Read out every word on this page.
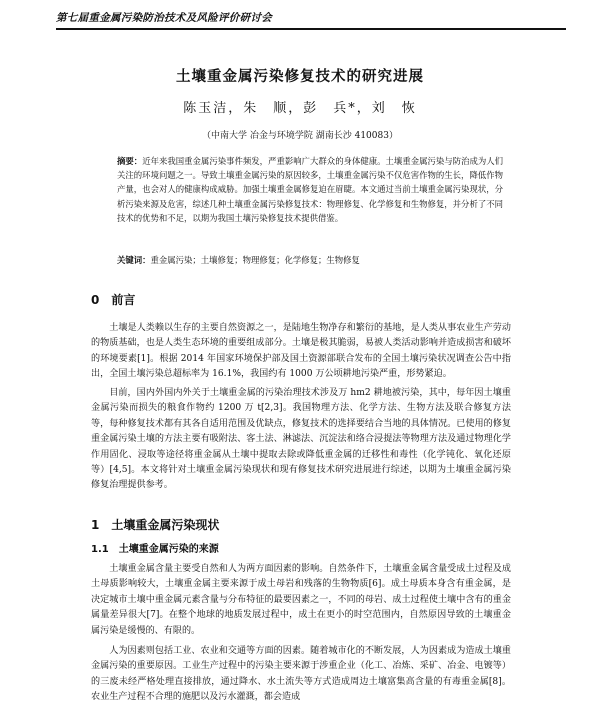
第七届重金属污染防治技术及风险评价研讨会
土壤重金属污染修复技术的研究进展
陈玉洁，朱　顺，彭　兵*，刘　恢
（中南大学 冶金与环境学院 湖南长沙 410083）
摘要：近年来我国重金属污染事件频发，严重影响广大群众的身体健康。土壤重金属污染与防治成为人们关注的环境问题之一。导致土壤重金属污染的原因较多，土壤重金属污染不仅危害作物的生长，降低作物产量，也会对人的健康构成威胁。加强土壤重金属修复迫在眉睫。本文通过当前土壤重金属污染现状，分析污染来源及危害，综述几种土壤重金属污染修复技术：物理修复、化学修复和生物修复，并分析了不同技术的优势和不足，以期为我国土壤污染修复技术提供借鉴。
关键词：重金属污染；土壤修复；物理修复；化学修复；生物修复
0　前言
土壤是人类赖以生存的主要自然资源之一，是陆地生物净存和繁衍的基地，是人类从事农业生产劳动的物质基础，也是人类生态环境的重要组成部分。土壤是极其脆弱，易被人类活动影响并造成损害和破坏的环境要素[1]。根据 2014 年国家环境保护部及国土资源部联合发布的全国土壤污染状况调查公告中指出，全国土壤污染总超标率为 16.1%，我国约有 1000 万公顷耕地污染严重，形势紧迫。
目前，国内外国内外关于土壤重金属的污染治理技术涉及万 hm2 耕地被污染，其中，每年因土壤重金属污染而损失的粮食作物约 1200 万 t[2,3]。我国物理方法、化学方法、生物方法及联合修复方法等，每种修复技术都有其各自适用范围及优缺点，修复技术的选择要结合当地的具体情况。已使用的修复重金属污染土壤的方法主要有吸附法、客土法、淋滤法、沉淀法和络合浸提法等物理方法及通过物理化学作用固化、浸取等途径将重金属从土壤中提取去除或降低重金属的迁移性和毒性（化学钝化、氧化还原等）[4,5]。本文将针对土壤重金属污染现状和现有修复技术研究进展进行综述，以期为土壤重金属污染修复治理提供参考。
1　土壤重金属污染现状
1.1　土壤重金属污染的来源
土壤重金属含量主要受自然和人为两方面因素的影响。自然条件下，土壤重金属含量受成土过程及成土母质影响较大，土壤重金属主要来源于成土母岩和残落的生物物质[6]。成土母质本身含有重金属，是决定城市土壤中重金属元素含量与分布特征的最要因素之一，不同的母岩、成土过程使土壤中含有的重金属量差异很大[7]。在整个地球的地质发展过程中，成土在更小的时空范围内，自然原因导致的土壤重金属污染是缓慢的、有限的。
人为因素则包括工业、农业和交通等方面的因素。随着城市化的不断发展，人为因素成为造成土壤重金属污染的重要原因。工业生产过程中的污染主要来源于涉重企业（化工、冶炼、采矿、冶金、电镀等）的三废未经严格处理直接排放，通过降水、水土流失等方式造成周边土壤富集高含量的有毒重金属[8]。农业生产过程不合理的施肥以及污水灌溉，都会造成
